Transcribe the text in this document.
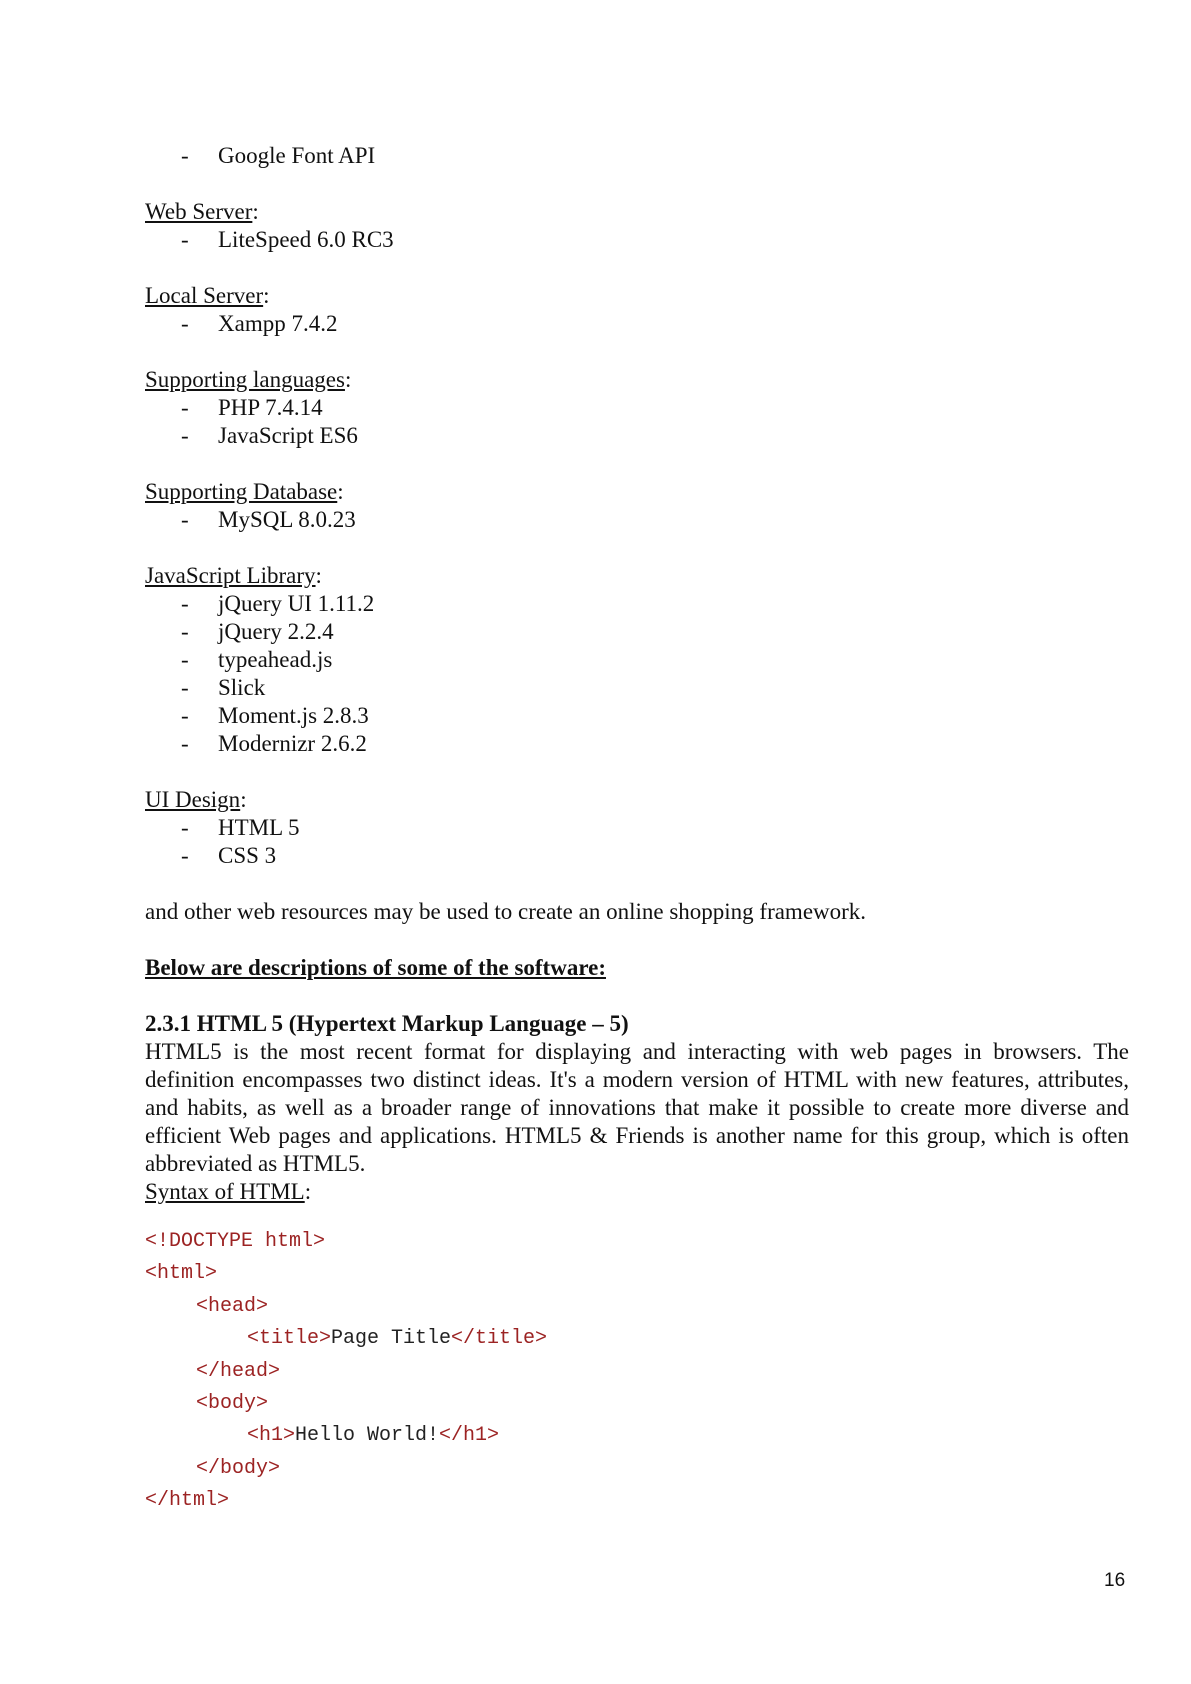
- Google Font API
Web Server:
- LiteSpeed 6.0 RC3
Local Server:
- Xampp 7.4.2
Supporting languages:
- PHP 7.4.14
- JavaScript ES6
Supporting Database:
- MySQL 8.0.23
JavaScript Library:
- jQuery UI 1.11.2
- jQuery 2.2.4
- typeahead.js
- Slick
- Moment.js 2.8.3
- Modernizr 2.6.2
UI Design:
- HTML 5
- CSS 3
and other web resources may be used to create an online shopping framework.
Below are descriptions of some of the software:
2.3.1 HTML 5 (Hypertext Markup Language – 5)
HTML5 is the most recent format for displaying and interacting with web pages in browsers. The definition encompasses two distinct ideas. It's a modern version of HTML with new features, attributes, and habits, as well as a broader range of innovations that make it possible to create more diverse and efficient Web pages and applications. HTML5 & Friends is another name for this group, which is often abbreviated as HTML5.
Syntax of HTML:
<!DOCTYPE html>
<html>
<head>
<title>Page Title</title>
</head>
<body>
<h1>Hello World!</h1>
</body>
</html>
16
